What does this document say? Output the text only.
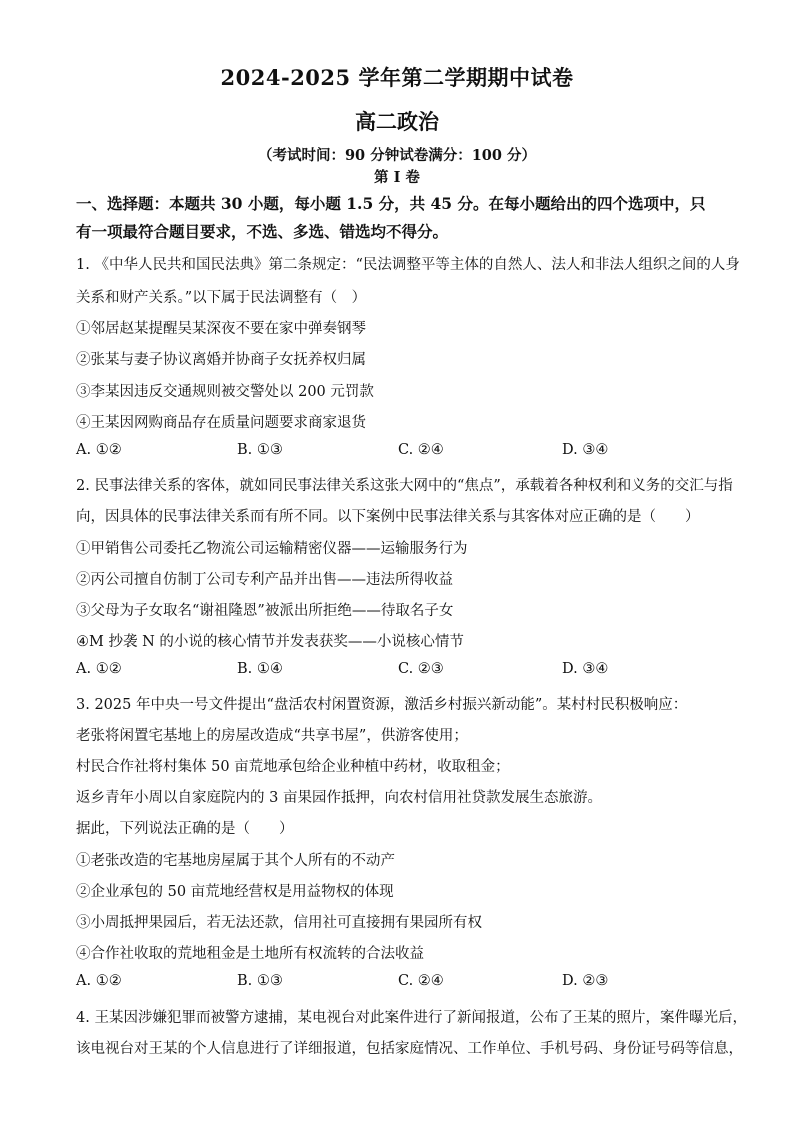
2024-2025 学年第二学期期中试卷
高二政治
（考试时间：90 分钟试卷满分：100 分）
第 I 卷
一、选择题：本题共 30 小题，每小题 1.5 分，共 45 分。在每小题给出的四个选项中，只有一项最符合题目要求，不选、多选、错选均不得分。
1. 《中华人民共和国民法典》第二条规定：“民法调整平等主体的自然人、法人和非法人组织之间的人身
关系和财产关系。”以下属于民法调整有（　）
①邻居赵某提醒吴某深夜不要在家中弹奏钢琴
②张某与妻子协议离婚并协商子女抚养权归属
③李某因违反交通规则被交警处以 200 元罚款
④王某因网购商品存在质量问题要求商家退货
A. ①②	B. ①③	C. ②④	D. ③④
2. 民事法律关系的客体，就如同民事法律关系这张大网中的“焦点”，承载着各种权利和义务的交汇与指
向，因具体的民事法律关系而有所不同。以下案例中民事法律关系与其客体对应正确的是（　　）
①甲销售公司委托乙物流公司运输精密仪器——运输服务行为
②丙公司擅自仿制丁公司专利产品并出售——违法所得收益
③父母为子女取名“谢祖隆恩”被派出所拒绝——待取名子女
④M 抄袭 N 的小说的核心情节并发表获奖——小说核心情节
A. ①②	B. ①④	C. ②③	D. ③④
3. 2025 年中央一号文件提出“盘活农村闲置资源，激活乡村振兴新动能”。某村村民积极响应：
老张将闲置宅基地上的房屋改造成“共享书屋”，供游客使用；
村民合作社将村集体 50 亩荒地承包给企业种植中药材，收取租金；
返乡青年小周以自家庭院内的 3 亩果园作抵押，向农村信用社贷款发展生态旅游。
据此，下列说法正确的是（　　）
①老张改造的宅基地房屋属于其个人所有的不动产
②企业承包的 50 亩荒地经营权是用益物权的体现
③小周抵押果园后，若无法还款，信用社可直接拥有果园所有权
④合作社收取的荒地租金是土地所有权流转的合法收益
A. ①②	B. ①③	C. ②④	D. ②③
4. 王某因涉嫌犯罪而被警方逮捕，某电视台对此案件进行了新闻报道，公布了王某的照片，案件曝光后，
该电视台对王某的个人信息进行了详细报道，包括家庭情况、工作单位、手机号码、身份证号码等信息，
